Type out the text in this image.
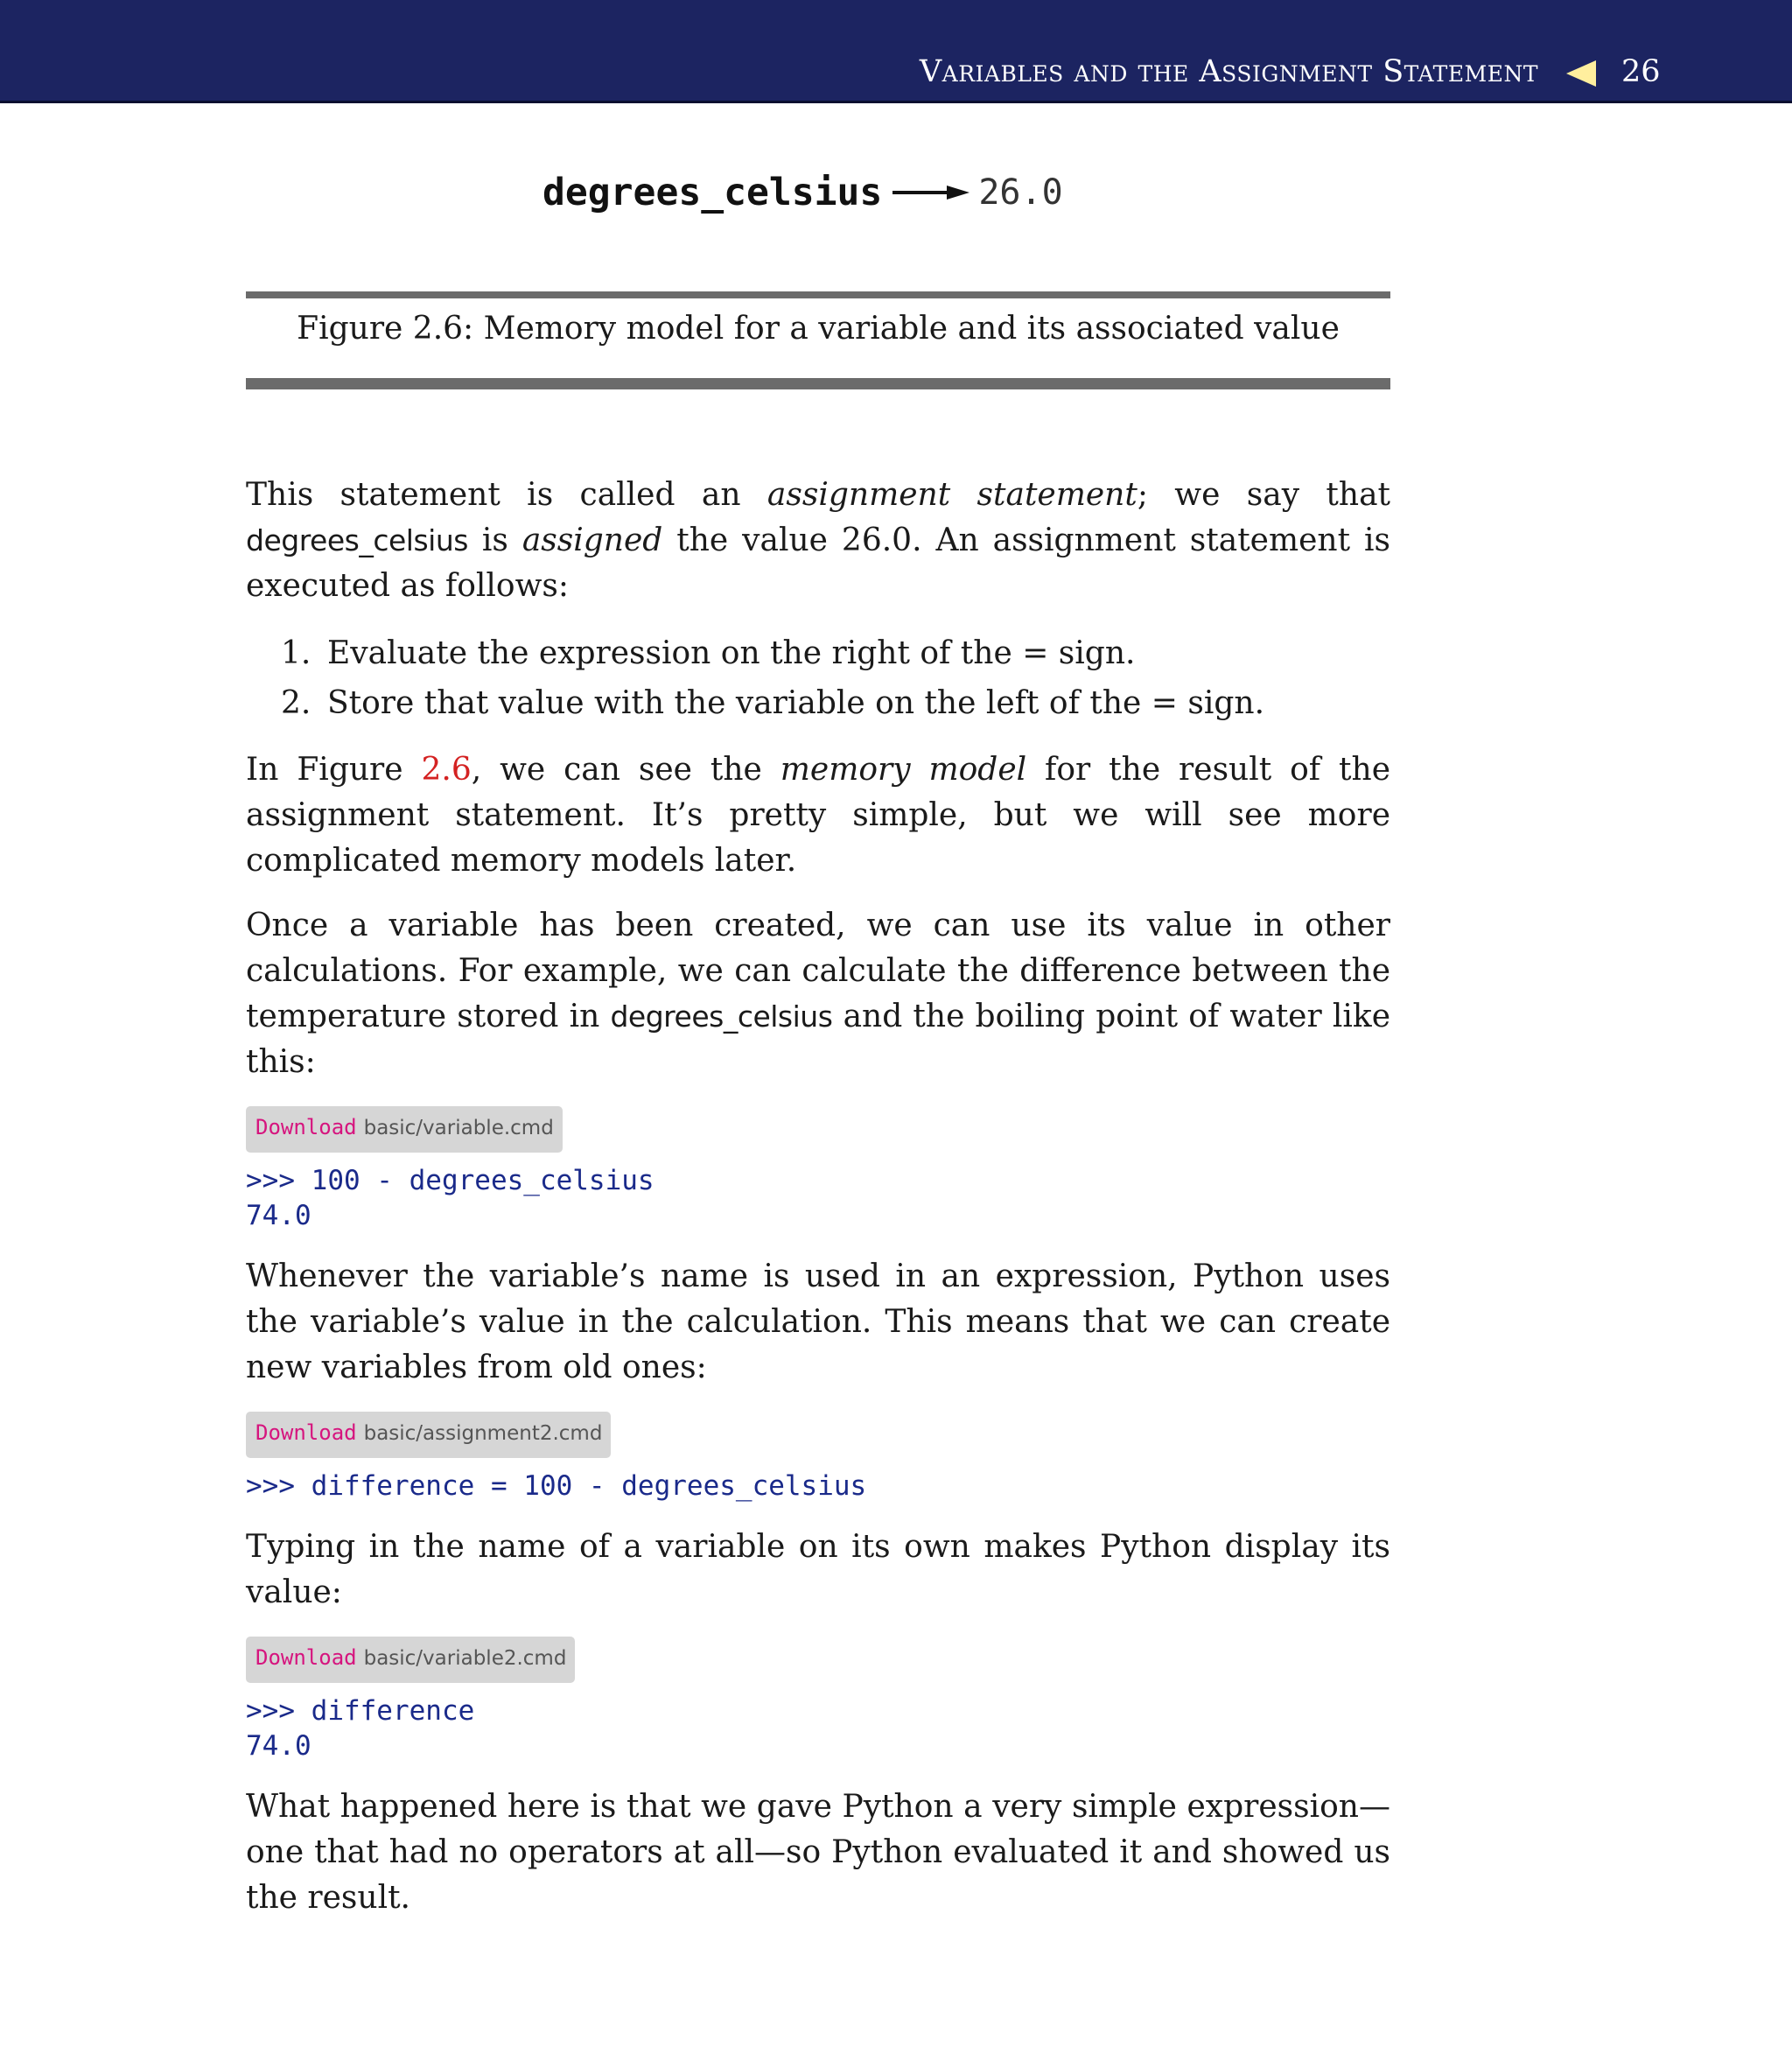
Variables and the Assignment Statement	26
degrees_celsius	26.0
Figure 2.6: Memory model for a variable and its associated value

This statement is called an assignment statement; we say that degrees_celsius is assigned the value 26.0. An assignment statement is executed as follows:

1. Evaluate the expression on the right of the = sign.
2. Store that value with the variable on the left of the = sign.

In Figure 2.6, we can see the memory model for the result of the assignment statement. It’s pretty simple, but we will see more complicated memory models later.

Once a variable has been created, we can use its value in other calculations. For example, we can calculate the difference between the temperature stored in degrees_celsius and the boiling point of water like this:

Download basic/variable.cmd
>>> 100 - degrees_celsius
74.0

Whenever the variable’s name is used in an expression, Python uses the variable’s value in the calculation. This means that we can create new variables from old ones:

Download basic/assignment2.cmd
>>> difference = 100 - degrees_celsius

Typing in the name of a variable on its own makes Python display its value:

Download basic/variable2.cmd
>>> difference
74.0

What happened here is that we gave Python a very simple expression—one that had no operators at all—so Python evaluated it and showed us the result.
